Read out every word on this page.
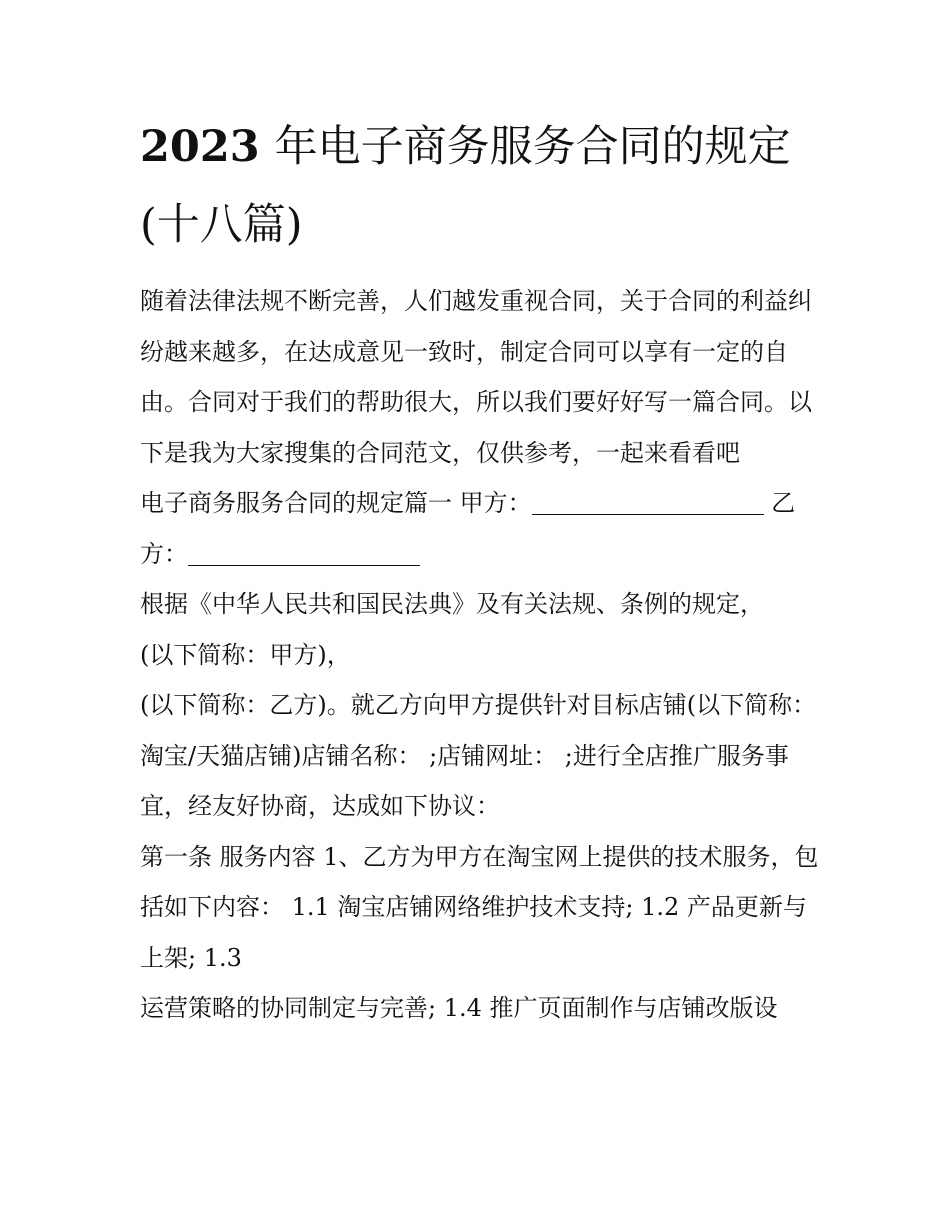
2023 年电子商务服务合同的规定(十八篇)

随着法律法规不断完善，人们越发重视合同，关于合同的利益纠纷越来越多，在达成意见一致时，制定合同可以享有一定的自由。合同对于我们的帮助很大，所以我们要好好写一篇合同。以下是我为大家搜集的合同范文，仅供参考，一起来看看吧

电子商务服务合同的规定篇一 甲方：	乙
方：

根据《中华人民共和国民法典》及有关法规、条例的规定，

(以下简称：甲方)，

(以下简称：乙方)。就乙方向甲方提供针对目标店铺(以下简称：淘宝/天猫店铺)店铺名称： ;店铺网址： ;进行全店推广服务事宜，经友好协商，达成如下协议：

第一条 服务内容 1、乙方为甲方在淘宝网上提供的技术服务，包括如下内容： 1.1 淘宝店铺网络维护技术支持; 1.2 产品更新与上架; 1.3

运营策略的协同制定与完善; 1.4 推广页面制作与店铺改版设
